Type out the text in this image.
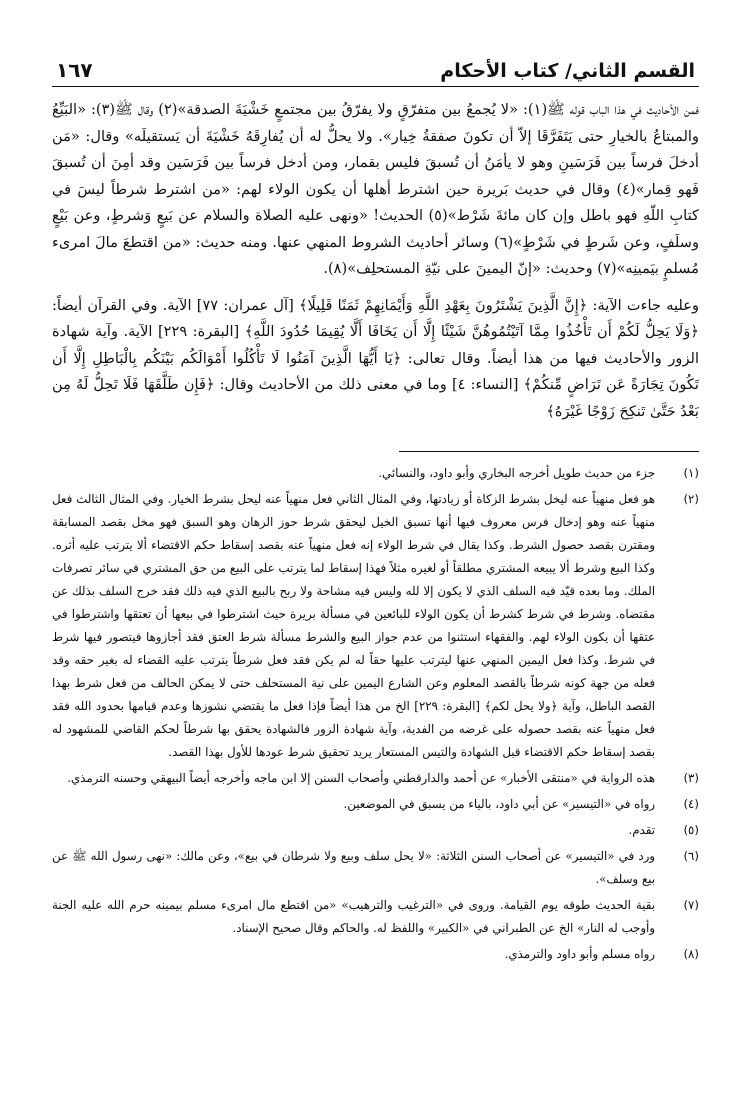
القسم الثاني/ كتاب الأحكام
١٦٧

فمن الأحاديث في هذا الباب قوله ﷺ(١): «لا يُجمعُ بين متفرّقٍ ولا يفرّقُ بين مجتمعٍ خَشْيَةَ الصدقة»(٢) وقال ﷺ(٣): «البَيِّعُ والمبتاعُ بالخيارِ حتى يَتَفَرَّقَا إلاّ أن تكونَ صفقةُ خِيار». ولا يحلُّ له أن يُفارِقَهُ خَشْيَةَ أن يَستقيلَه» وقال: «مَن أدخلَ فرساً بين فَرَسَينِ وهو لا يأمَنُ أن تُسبقَ فليس بقمار، ومن أدخل فرساً بين فَرَسَين وقد أمِنَ أن تُسبقَ فَهو قِمار»(٤) وقال في حديث بَريرة حين اشترط أهلها أن يكون الولاء لهم: «من اشترط شرطاً ليسَ في كتابِ اللّهِ فهو باطل وإن كان مائةَ شَرْط»(٥) الحديث! «ونهى عليه الصلاة والسلام عن بَيعٍ وَشرطٍ، وعن بَيْعٍ وسلَفٍ، وعن شَرطٍ في شَرْطٍ»(٦) وسائر أحاديث الشروط المنهي عنها. ومنه حديث: «من اقتطعَ مالَ امرىء مُسلمٍ بيَمينِه»(٧) وحديث: «إنّ اليمينَ على نيّةِ المستحلِف»(٨).

وعليه جاءت الآية: ﴿إِنَّ الَّذِينَ يَشْتَرُونَ بِعَهْدِ اللَّهِ وَأَيْمَانِهِمْ ثَمَنًا قَلِيلًا﴾ [آل عمران: ٧٧] الآية. وفي القرآن أيضاً: ﴿وَلَا يَحِلُّ لَكُمْ أَن تَأْخُذُوا مِمَّا آتَيْتُمُوهُنَّ شَيْئًا إِلَّا أَن يَخَافَا أَلَّا يُقِيمَا حُدُودَ اللَّهِ﴾ [البقرة: ٢٢٩] الآية. وآية شهادة الزور والأحاديث فيها من هذا أيضاً. وقال تعالى: ﴿يَا أَيُّهَا الَّذِينَ آمَنُوا لَا تَأْكُلُوا أَمْوَالَكُم بَيْنَكُم بِالْبَاطِلِ إِلَّا أَن تَكُونَ تِجَارَةً عَن تَرَاضٍ مِّنكُمْ﴾ [النساء: ٤] وما في معنى ذلك من الأحاديث وقال: ﴿فَإِن طَلَّقَهَا فَلَا تَحِلُّ لَهُ مِن بَعْدُ حَتَّىٰ تَنكِحَ زَوْجًا غَيْرَهُ﴾

(١)
جزء من حديث طويل أخرجه البخاري وأبو داود، والنسائي.
(٢)
هو فعل منهياً عنه ليخل بشرط الزكاة أو زيادتها، وفي المثال الثاني فعل منهياً عنه ليحل بشرط الخيار. وفي المثال الثالث فعل منهياً عنه وهو إدخال فرس معروف فيها أنها تسبق الخيل ليحقق شرط حوز الرهان وهو السبق فهو مخل بقصد المسابقة ومقترن بقصد حصول الشرط. وكذا يقال في شرط الولاء إنه فعل منهياً عنه بقصد إسقاط حكم الاقتضاء ألا يترتب عليه أثره. وكذا البيع وشرط ألا يبيعه المشتري مطلقاً أو لغيره مثلاً فهذا إسقاط لما يترتب على البيع من حق المشتري في سائر تصرفات الملك. وما بعده قيّد فيه السلف الذي لا يكون إلا لله وليس فيه مشاحة ولا ربح بالبيع الذي فيه ذلك فقد خرج السلف بذلك عن مقتضاه. وشرط في شرط كشرط أن يكون الولاء للبائعين في مسألة بريرة حيث اشترطوا في بيعها أن تعتقها واشترطوا في عتقها أن يكون الولاء لهم. والفقهاء استثنوا من عدم جواز البيع والشرط مسألة شرط العتق فقد أجازوها فيتصور فيها شرط في شرط. وكذا فعل اليمين المنهي عنها ليترتب عليها حقاً له لم يكن فقد فعل شرطاً يترتب عليه القضاء له بغير حقه وقد فعله من جهة كونه شرطاً بالقصد المعلوم وعن الشارع اليمين على نية المستحلف حتى لا يمكن الحالف من فعل شرط بهذا القصد الباطل، وآية ﴿ولا يحل لكم﴾ [البقرة: ٢٢٩] الخ من هذا أيضاً فإذا فعل ما يقتضي نشوزها وعدم قيامها بحدود الله فقد فعل منهياً عنه بقصد حصوله على غرضه من الفدية، وآية شهادة الزور فالشهادة يحقق بها شرطاً لحكم القاضي للمشهود له بقصد إسقاط حكم الاقتضاء قبل الشهادة والتيس المستعار يريد تحقيق شرط عودها للأول بهذا القصد.
(٣)
هذه الرواية في «منتقى الأخبار» عن أحمد والدارقطني وأصحاب السنن إلا ابن ماجه وأخرجه أيضاً البيهقي وحسنه الترمذي.
(٤)
رواه في «التيسير» عن أبي داود، بالياء من يسبق في الموضعين.
(٥)
تقدم.
(٦)
ورد في «التيسير» عن أصحاب السنن الثلاثة: «لا يحل سلف وبيع ولا شرطان في بيع»، وعن مالك: «نهى رسول الله ﷺ عن بيع وسلف».
(٧)
بقية الحديث طوقه يوم القيامة. وروى في «الترغيب والترهيب» «من اقتطع مال امرىء مسلم بيمينه حرم الله عليه الجنة وأوجب له النار» الخ عن الطبراني في «الكبير» واللفظ له. والحاكم وقال صحيح الإسناد.
(٨)
رواه مسلم وأبو داود والترمذي.
